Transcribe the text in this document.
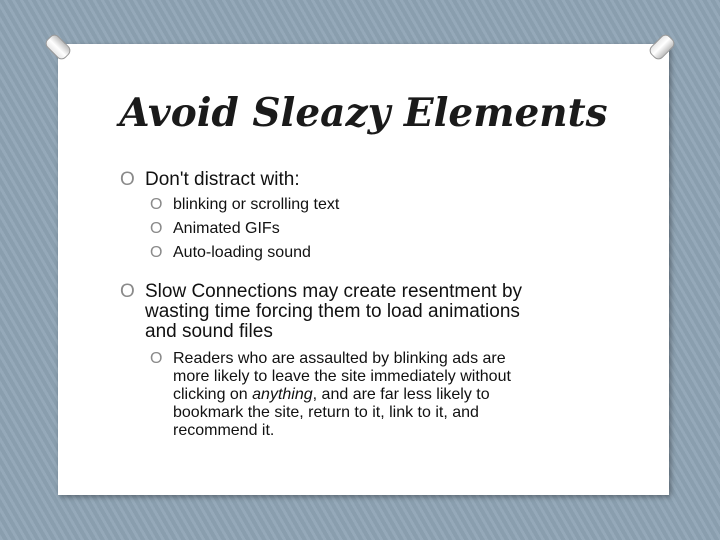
Avoid Sleazy Elements
O Don't distract with:
O blinking or scrolling text
O Animated GIFs
O Auto-loading sound
O Slow Connections may create resentment by
wasting time forcing them to load animations
and sound files
O Readers who are assaulted by blinking ads are
more likely to leave the site immediately without
clicking on anything, and are far less likely to
bookmark the site, return to it, link to it, and
recommend it.
